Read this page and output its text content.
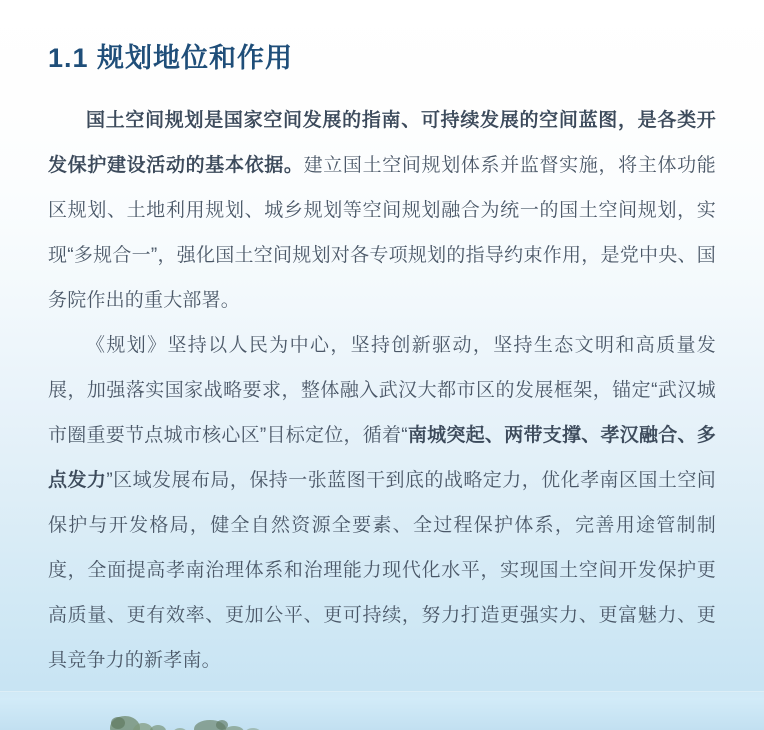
1.1 规划地位和作用

国土空间规划是国家空间发展的指南、可持续发展的空间蓝图，是各类开发保护建设活动的基本依据。建立国土空间规划体系并监督实施，将主体功能区规划、土地利用规划、城乡规划等空间规划融合为统一的国土空间规划，实现“多规合一”，强化国土空间规划对各专项规划的指导约束作用，是党中央、国务院作出的重大部署。

《规划》坚持以人民为中心，坚持创新驱动，坚持生态文明和高质量发展，加强落实国家战略要求，整体融入武汉大都市区的发展框架，锚定“武汉城市圈重要节点城市核心区”目标定位，循着“南城突起、两带支撑、孝汉融合、多点发力”区域发展布局，保持一张蓝图干到底的战略定力，优化孝南区国土空间保护与开发格局，健全自然资源全要素、全过程保护体系，完善用途管制制度，全面提高孝南治理体系和治理能力现代化水平，实现国土空间开发保护更高质量、更有效率、更加公平、更可持续，努力打造更强实力、更富魅力、更具竞争力的新孝南。
